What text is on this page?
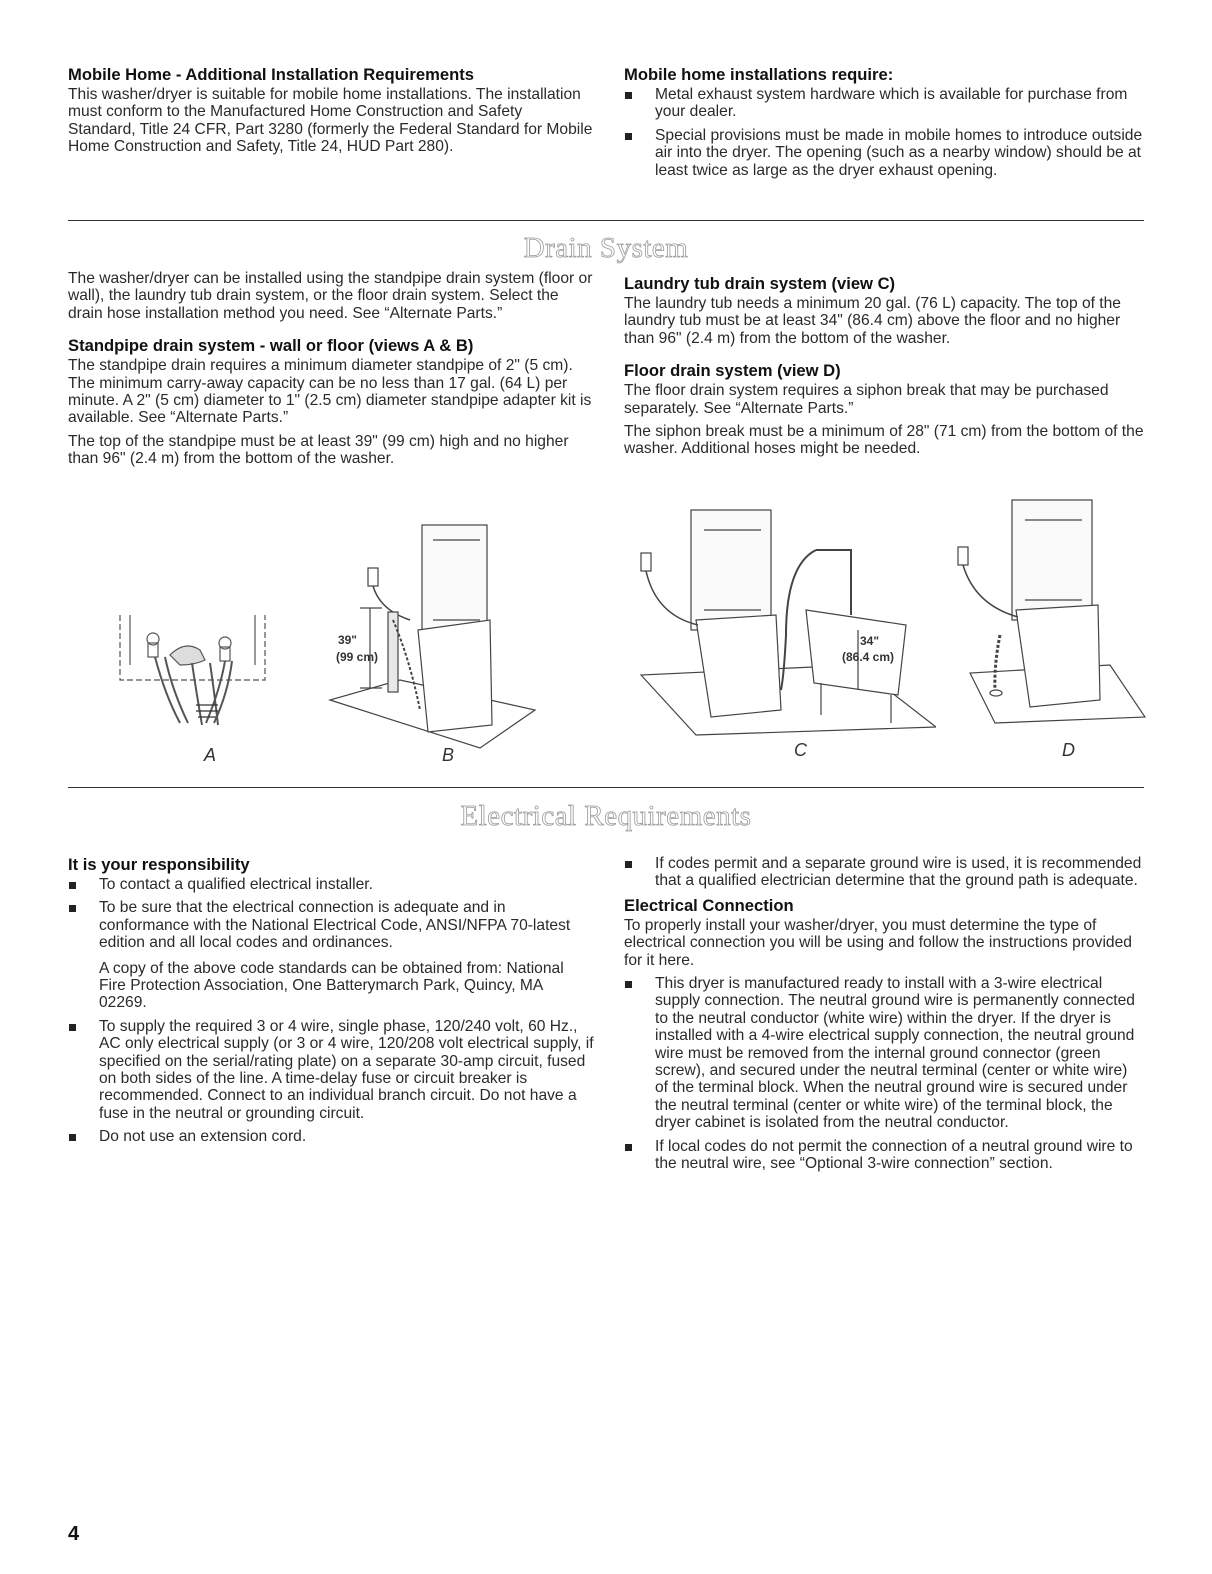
Mobile Home - Additional Installation Requirements

This washer/dryer is suitable for mobile home installations. The installation must conform to the Manufactured Home Construction and Safety Standard, Title 24 CFR, Part 3280 (formerly the Federal Standard for Mobile Home Construction and Safety, Title 24, HUD Part 280).

Mobile home installations require:
Metal exhaust system hardware which is available for purchase from your dealer.
Special provisions must be made in mobile homes to introduce outside air into the dryer. The opening (such as a nearby window) should be at least twice as large as the dryer exhaust opening.
Drain System

The washer/dryer can be installed using the standpipe drain system (floor or wall), the laundry tub drain system, or the floor drain system. Select the drain hose installation method you need. See “Alternate Parts.”

Standpipe drain system - wall or floor (views A & B)

The standpipe drain requires a minimum diameter standpipe of 2" (5 cm). The minimum carry-away capacity can be no less than 17 gal. (64 L) per minute. A 2" (5 cm) diameter to 1" (2.5 cm) diameter standpipe adapter kit is available. See “Alternate Parts.”

The top of the standpipe must be at least 39" (99 cm) high and no higher than 96" (2.4 m) from the bottom of the washer.

Laundry tub drain system (view C)

The laundry tub needs a minimum 20 gal. (76 L) capacity. The top of the laundry tub must be at least 34" (86.4 cm) above the floor and no higher than 96" (2.4 m) from the bottom of the washer.

Floor drain system (view D)

The floor drain system requires a siphon break that may be purchased separately. See “Alternate Parts.”

The siphon break must be a minimum of 28" (71 cm) from the bottom of the washer. Additional hoses might be needed.

A
39"
(99 cm)
B
34"
(86.4 cm)
C	D
Electrical Requirements
It is your responsibility
To contact a qualified electrical installer.
To be sure that the electrical connection is adequate and in conformance with the National Electrical Code, ANSI/NFPA 70-latest edition and all local codes and ordinances.
A copy of the above code standards can be obtained from: National Fire Protection Association, One Batterymarch Park, Quincy, MA 02269.
To supply the required 3 or 4 wire, single phase, 120/240 volt, 60 Hz., AC only electrical supply (or 3 or 4 wire, 120/208 volt electrical supply, if specified on the serial/rating plate) on a separate 30-amp circuit, fused on both sides of the line. A time-delay fuse or circuit breaker is recommended. Connect to an individual branch circuit. Do not have a fuse in the neutral or grounding circuit.
Do not use an extension cord.
If codes permit and a separate ground wire is used, it is recommended that a qualified electrician determine that the ground path is adequate.
Electrical Connection

To properly install your washer/dryer, you must determine the type of electrical connection you will be using and follow the instructions provided for it here.

This dryer is manufactured ready to install with a 3-wire electrical supply connection. The neutral ground wire is permanently connected to the neutral conductor (white wire) within the dryer. If the dryer is installed with a 4-wire electrical supply connection, the neutral ground wire must be removed from the internal ground connector (green screw), and secured under the neutral terminal (center or white wire) of the terminal block. When the neutral ground wire is secured under the neutral terminal (center or white wire) of the terminal block, the dryer cabinet is isolated from the neutral conductor.
If local codes do not permit the connection of a neutral ground wire to the neutral wire, see “Optional 3-wire connection” section.
4
